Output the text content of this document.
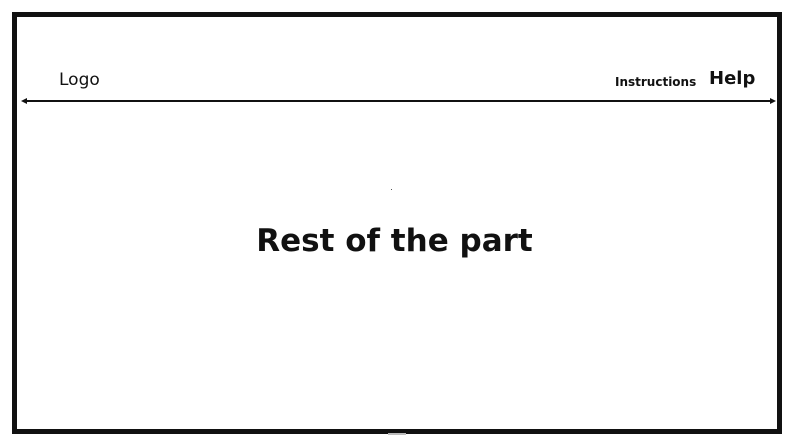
Logo	Instructions Help
Rest of the part
